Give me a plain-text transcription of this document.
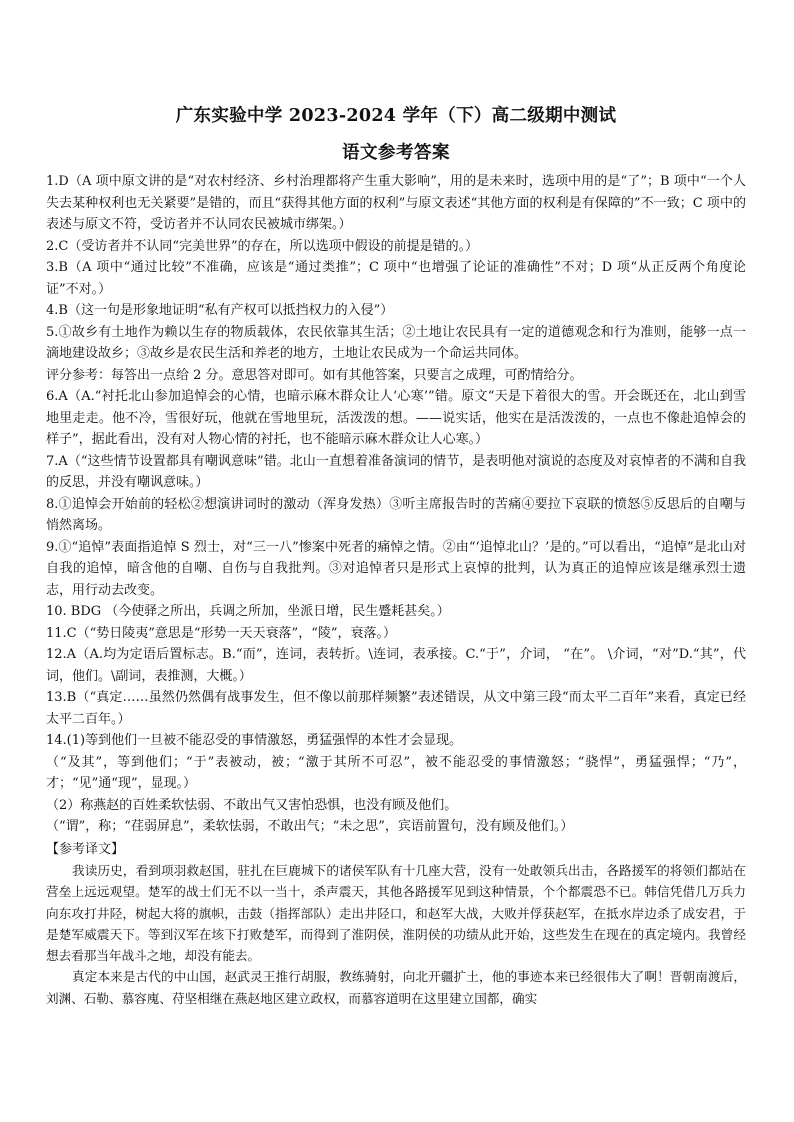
广东实验中学 2023-2024 学年（下）高二级期中测试
语文参考答案

1.D（A 项中原文讲的是“对农村经济、乡村治理都将产生重大影响”，用的是未来时，选项中用的是“了”；B 项中“一个人失去某种权利也无关紧要”是错的，而且“获得其他方面的权利”与原文表述“其他方面的权利是有保障的”不一致；C 项中的表述与原文不符，受访者并不认同农民被城市绑架。）

2.C（受访者并不认同“完美世界”的存在，所以选项中假设的前提是错的。）

3.B（A 项中“通过比较”不准确，应该是“通过类推”；C 项中“也增强了论证的准确性”不对；D 项“从正反两个角度论证”不对。）

4.B（这一句是形象地证明“私有产权可以抵挡权力的入侵”）

5.①故乡有土地作为赖以生存的物质载体，农民依靠其生活；②土地让农民具有一定的道德观念和行为准则，能够一点一滴地建设故乡；③故乡是农民生活和养老的地方，土地让农民成为一个命运共同体。

评分参考：每答出一点给 2 分。意思答对即可。如有其他答案，只要言之成理，可酌情给分。

6.A（A.“衬托北山参加追悼会的心情，也暗示麻木群众让人‘心寒’”错。原文“天是下着很大的雪。开会既还在，北山到雪地里走走。他不冷，雪很好玩，他就在雪地里玩，活泼泼的想。——说实话，他实在是活泼泼的，一点也不像赴追悼会的样子”，据此看出，没有对人物心情的衬托，也不能暗示麻木群众让人心寒。）

7.A（“这些情节设置都具有嘲讽意味”错。北山一直想着准备演词的情节，是表明他对演说的态度及对哀悼者的不满和自我的反思，并没有嘲讽意味。）

8.①追悼会开始前的轻松②想演讲词时的激动（浑身发热）③听主席报告时的苦痛④要拉下哀联的愤怒⑤反思后的自嘲与悄然离场。

9.①“追悼”表面指追悼 S 烈士，对“三一八”惨案中死者的痛悼之情。②由“‘追悼北山？’是的。”可以看出，“追悼”是北山对自我的追悼，暗含他的自嘲、自伤与自我批判。③对追悼者只是形式上哀悼的批判，认为真正的追悼应该是继承烈士遗志，用行动去改变。

10. BDG （今使驿之所出，兵调之所加，坐派日增，民生蹙耗甚矣。）

11.C（“势日陵夷”意思是“形势一天天衰落”，“陵”，衰落。）

12.A（A.均为定语后置标志。B.“而”，连词，表转折。\连词，表承接。C.“于”，介词， “在”。 \介词，“对”D.“其”，代词，他们。\副词，表推测，大概。）

13.B（“真定……虽然仍然偶有战事发生，但不像以前那样频繁”表述错误，从文中第三段“而太平二百年”来看，真定已经太平二百年。）

14.(1)等到他们一旦被不能忍受的事情激怒，勇猛强悍的本性才会显现。

（“及其”，等到他们；“于”表被动，被；“激于其所不可忍”，被不能忍受的事情激怒；“骁悍”，勇猛强悍；“乃”，才；“见”通“现”，显现。）

（2）称燕赵的百姓柔软怯弱、不敢出气又害怕恐惧，也没有顾及他们。

（“谓”，称；“荏弱屏息”，柔软怯弱，不敢出气；“未之思”，宾语前置句，没有顾及他们。）

【参考译文】

我读历史，看到项羽救赵国，驻扎在巨鹿城下的诸侯军队有十几座大营，没有一处敢领兵出击，各路援军的将领们都站在营垒上远远观望。楚军的战士们无不以一当十，杀声震天，其他各路援军见到这种情景，个个都震恐不已。韩信凭借几万兵力向东攻打井陉，树起大将的旗帜，击鼓（指挥部队）走出井陉口，和赵军大战，大败并俘获赵军，在抵水岸边杀了成安君，于是楚军威震天下。等到汉军在垓下打败楚军，而得到了淮阴侯，淮阴侯的功绩从此开始，这些发生在现在的真定境内。我曾经想去看那当年战斗之地，却没有能去。

真定本来是古代的中山国，赵武灵王推行胡服，教练骑射，向北开疆扩土，他的事迹本来已经很伟大了啊！晋朝南渡后，刘渊、石勒、慕容廆、苻坚相继在燕赵地区建立政权，而慕容道明在这里建立国都，确实
